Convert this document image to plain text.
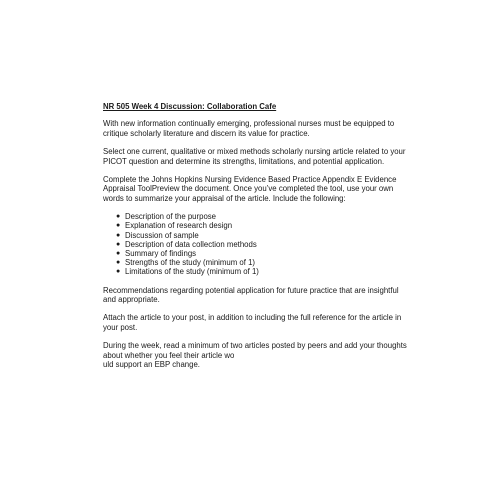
NR 505 Week 4 Discussion: Collaboration Cafe

With new information continually emerging, professional nurses must be equipped to
critique scholarly literature and discern its value for practice.

Select one current, qualitative or mixed methods scholarly nursing article related to your
PICOT question and determine its strengths, limitations, and potential application.

Complete the Johns Hopkins Nursing Evidence Based Practice Appendix E Evidence
Appraisal ToolPreview the document. Once you’ve completed the tool, use your own
words to summarize your appraisal of the article. Include the following:

● Description of the purpose
● Explanation of research design
● Discussion of sample
● Description of data collection methods
● Summary of findings
● Strengths of the study (minimum of 1)
● Limitations of the study (minimum of 1)

Recommendations regarding potential application for future practice that are insightful
and appropriate.

Attach the article to your post, in addition to including the full reference for the article in
your post.

During the week, read a minimum of two articles posted by peers and add your thoughts
about whether you feel their article wo
uld support an EBP change.
